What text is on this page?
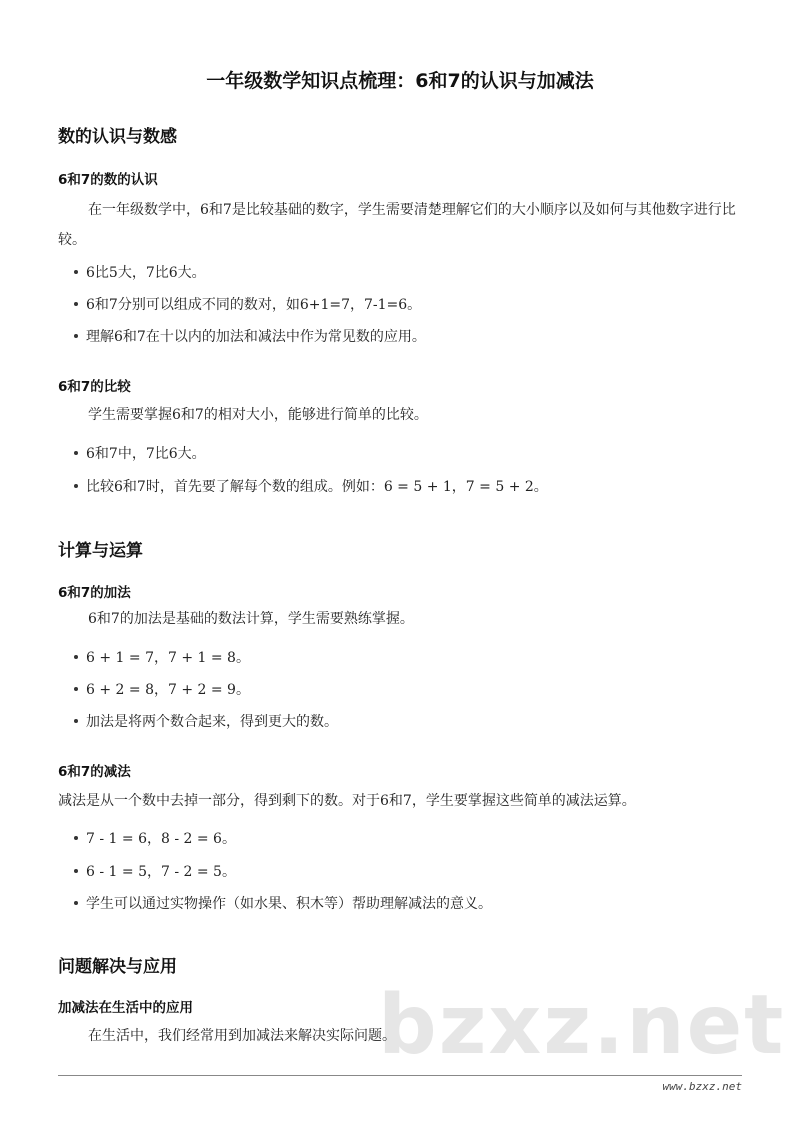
一年级数学知识点梳理：6和7的认识与加减法
数的认识与数感
6和7的数的认识
在一年级数学中，6和7是比较基础的数字，学生需要清楚理解它们的大小顺序以及如何与其他数字进行比较。
6比5大，7比6大。
6和7分别可以组成不同的数对，如6+1=7，7-1=6。
理解6和7在十以内的加法和减法中作为常见数的应用。
6和7的比较
学生需要掌握6和7的相对大小，能够进行简单的比较。
6和7中，7比6大。
比较6和7时，首先要了解每个数的组成。例如：6 = 5 + 1，7 = 5 + 2。
计算与运算
6和7的加法
6和7的加法是基础的数法计算，学生需要熟练掌握。
6 + 1 = 7，7 + 1 = 8。
6 + 2 = 8，7 + 2 = 9。
加法是将两个数合起来，得到更大的数。
6和7的减法
减法是从一个数中去掉一部分，得到剩下的数。对于6和7，学生要掌握这些简单的减法运算。
7 - 1 = 6，8 - 2 = 6。
6 - 1 = 5，7 - 2 = 5。
学生可以通过实物操作（如水果、积木等）帮助理解减法的意义。
问题解决与应用
bzxz.net
加减法在生活中的应用
在生活中，我们经常用到加减法来解决实际问题。
www.bzxz.net
